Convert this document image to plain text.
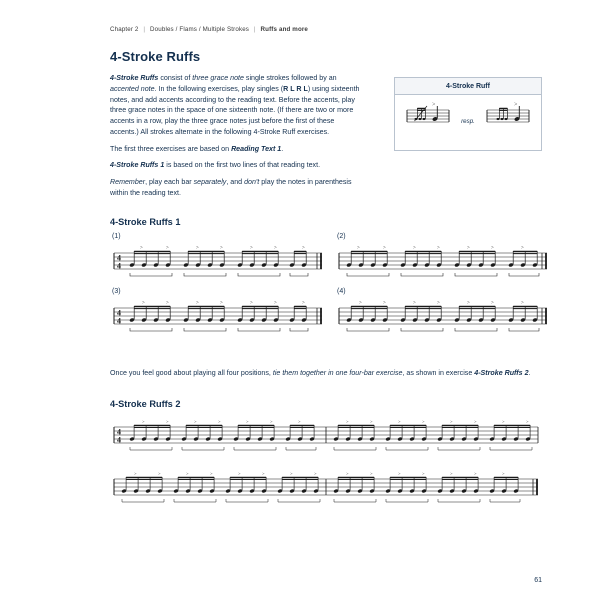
Chapter 2 | Doubles / Flams / Multiple Strokes | Ruffs and more
4-Stroke Ruffs

4-Stroke Ruffs consist of three grace note single strokes followed by an accented note. In the following exercises, play singles (R L R L) using sixteenth notes, and add accents according to the reading text. Before the accents, play three grace notes in the space of one sixteenth note. (If there are two or more accents in a row, play the three grace notes just before the first of these accents.) All strokes alternate in the following 4-Stroke Ruff exercises.

The first three exercises are based on Reading Text 1.

4-Stroke Ruffs 1 is based on the first two lines of that reading text.

Remember, play each bar separately, and don't play the notes in parenthesis within the reading text.

4-Stroke Ruff
>
resp.
>
4-Stroke Ruffs 1
(1)
4
4
>	>	>	>	>	>	>
(2)
>	>	>	>	>	>	>
(3)
4
4
>	>	>	>	>	>	>
(4)
>	>	>	>	>	>	>

Once you feel good about playing all four positions, tie them together in one four-bar exercise, as shown in exercise 4-Stroke Ruffs 2.

4-Stroke Ruffs 2
4
4
>	>	>	>	>	>	>	>	>	>	>	>	>	>	>
>	>	>	>	>	>	>	>	>	>	>	>	>	>	>
61
